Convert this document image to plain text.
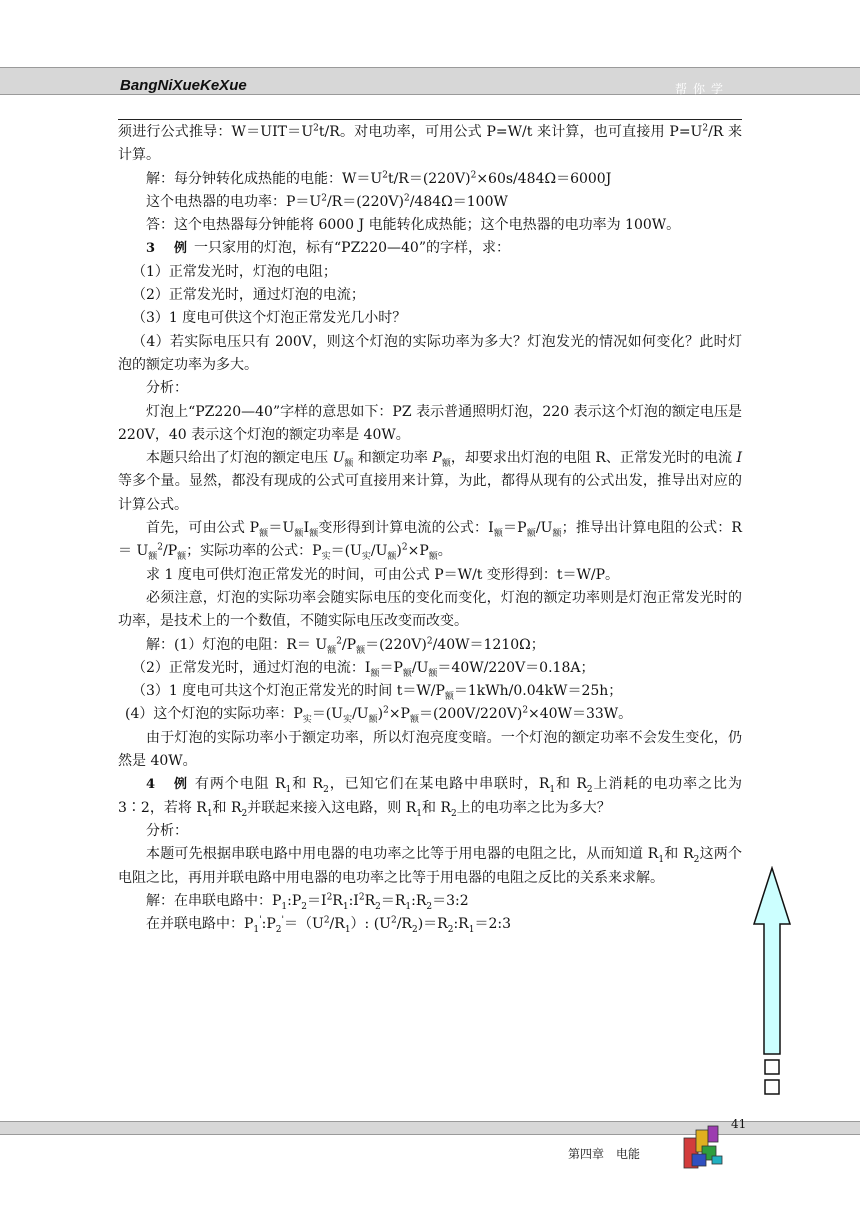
BangNiXueKeXue	帮你学

须进行公式推导：$W=UIT=U^2t/R$。对电功率，可用公式 P=W/t 来计算，也可直接用 $P=U^2/R$ 来计算。

解：每分钟转化成热能的电能：$W=U^2t/R=(220V)^2\times 60s/484\Omega=6000J$

这个电热器的电功率：$P=U^2/R=(220V)^2/484\Omega=100W$

答：这个电热器每分钟能将 6000 J 电能转化成热能；这个电热器的电功率为 100W。

例 3	一只家用的灯泡，标有“PZ220—40”的字样，求：

（1）正常发光时，灯泡的电阻；

（2）正常发光时，通过灯泡的电流；

（3）1 度电可供这个灯泡正常发光几小时？

（4）若实际电压只有 200V，则这个灯泡的实际功率为多大？灯泡发光的情况如何变化？此时灯泡的额定功率为多大。

分析：

灯泡上“PZ220—40”字样的意思如下：PZ 表示普通照明灯泡，220 表示这个灯泡的额定电压是 220V，40 表示这个灯泡的额定功率是 40W。

本题只给出了灯泡的额定电压 $U_额$ 和额定功率 $P_额$，却要求出灯泡的电阻 R、正常发光时的电流 I 等多个量。显然，都没有现成的公式可直接用来计算，为此，都得从现有的公式出发，推导出对应的计算公式。

首先，可由公式 $P_额=U_额I_额$变形得到计算电流的公式：$I_额=P_额/U_额$；推导出计算电阻的公式：$R= U_额^2/P_额$；实际功率的公式：$P_实=(U_实/U_额)^2\times P_额$。

求 1 度电可供灯泡正常发光的时间，可由公式 P＝W/t 变形得到：t＝W/P。

必须注意，灯泡的实际功率会随实际电压的变化而变化，灯泡的额定功率则是灯泡正常发光时的功率，是技术上的一个数值，不随实际电压改变而改变。

解：(1）灯泡的电阻：$R= U_额^2/P_额=(220V)^2/40W=1210\Omega$；

（2）正常发光时，通过灯泡的电流：$I_额=P_额/U_额=40W/220V=0.18A$；

（3）1 度电可共这个灯泡正常发光的时间 $t=W/P_额=1kWh/0.04kW=25h$；

(4）这个灯泡的实际功率：$P_实=(U_实/U_额)^2\times P_额=(200V/220V)^2\times 40W=33W$。

由于灯泡的实际功率小于额定功率，所以灯泡亮度变暗。一个灯泡的额定功率不会发生变化，仍然是 40W。

例 4	有两个电阻 $R_1$和 $R_2$，已知它们在某电路中串联时，$R_1$和 $R_2$上消耗的电功率之比为 3∶2，若将 $R_1$和 $R_2$并联起来接入这电路，则 $R_1$和 $R_2$上的电功率之比为多大？

分析：

本题可先根据串联电路中用电器的电功率之比等于用电器的电阻之比，从而知道 $R_1$和 $R_2$这两个电阻之比，再用并联电路中用电器的电功率之比等于用电器的电阻之反比的关系来求解。

解：在串联电路中：$P_1:P_2=I^2R_1:I^2R_2=R_1:R_2=3:2$

在并联电路中：$P_1':P_2'=(U^2/R_1)$: $(U^2/R_2)=R_2:R_1=2:3$

41
第四章　电能
